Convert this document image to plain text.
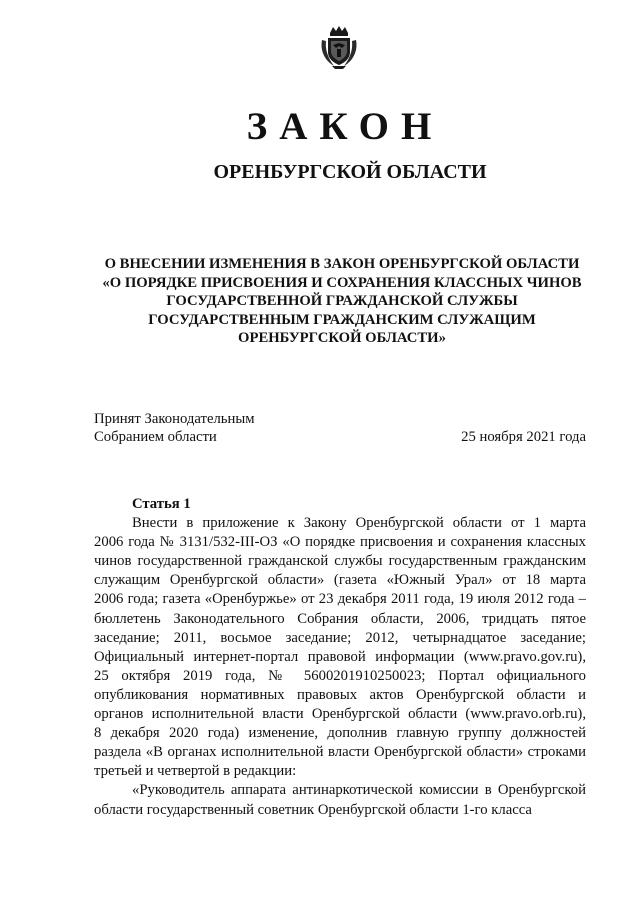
ЗАКОН
ОРЕНБУРГСКОЙ ОБЛАСТИ
О ВНЕСЕНИИ ИЗМЕНЕНИЯ В ЗАКОН ОРЕНБУРГСКОЙ ОБЛАСТИ
«О ПОРЯДКЕ ПРИСВОЕНИЯ И СОХРАНЕНИЯ КЛАССНЫХ ЧИНОВ
ГОСУДАРСТВЕННОЙ ГРАЖДАНСКОЙ СЛУЖБЫ
ГОСУДАРСТВЕННЫМ ГРАЖДАНСКИМ СЛУЖАЩИМ
ОРЕНБУРГСКОЙ ОБЛАСТИ»
Принят Законодательным
Собранием области	25 ноября 2021 года
Статья 1
Внести в приложение к Закону Оренбургской области от 1 марта
2006 года № 3131/532-III-ОЗ «О порядке присвоения и сохранения классных
чинов государственной гражданской службы государственным гражданским
служащим Оренбургской области» (газета «Южный Урал» от 18 марта
2006 года; газета «Оренбуржье» от 23 декабря 2011 года, 19 июля 2012 года –
бюллетень Законодательного Собрания области, 2006, тридцать пятое
заседание; 2011, восьмое заседание; 2012, четырнадцатое заседание;
Официальный интернет-портал правовой информации (www.pravo.gov.ru),
25 октября 2019 года, № 5600201910250023; Портал официального
опубликования нормативных правовых актов Оренбургской области и
органов исполнительной власти Оренбургской области (www.pravo.orb.ru),
8 декабря 2020 года) изменение, дополнив главную группу должностей
раздела «В органах исполнительной власти Оренбургской области» строками
третьей и четвертой в редакции:
«Руководитель аппарата антинаркотической комиссии в Оренбургской
области государственный советник Оренбургской области 1-го класса
